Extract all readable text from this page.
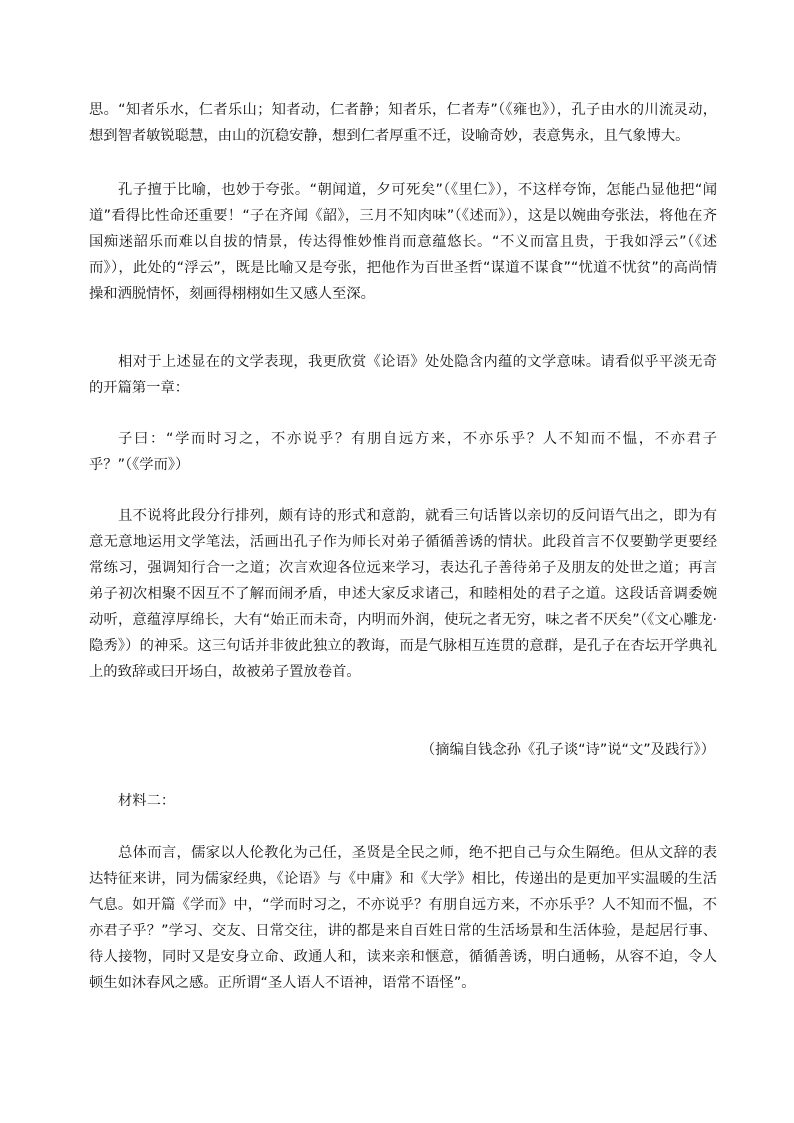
思。“知者乐水，仁者乐山；知者动，仁者静；知者乐，仁者寿”（《雍也》），孔子由水的川流灵动，想到智者敏锐聪慧，由山的沉稳安静，想到仁者厚重不迁，设喻奇妙，表意隽永，且气象博大。

孔子擅于比喻，也妙于夸张。“朝闻道，夕可死矣”（《里仁》），不这样夸饰，怎能凸显他把“闻道”看得比性命还重要！“子在齐闻《韶》，三月不知肉味”（《述而》），这是以婉曲夸张法，将他在齐国痴迷韶乐而难以自拔的情景，传达得惟妙惟肖而意蕴悠长。“不义而富且贵，于我如浮云”（《述而》），此处的“浮云”，既是比喻又是夸张，把他作为百世圣哲“谋道不谋食”“忧道不忧贫”的高尚情操和洒脱情怀，刻画得栩栩如生又感人至深。

相对于上述显在的文学表现，我更欣赏《论语》处处隐含内蕴的文学意味。请看似乎平淡无奇的开篇第一章：

子曰：“学而时习之，不亦说乎？有朋自远方来，不亦乐乎？人不知而不愠，不亦君子乎？”（《学而》）

且不说将此段分行排列，颇有诗的形式和意韵，就看三句话皆以亲切的反问语气出之，即为有意无意地运用文学笔法，活画出孔子作为师长对弟子循循善诱的情状。此段首言不仅要勤学更要经常练习，强调知行合一之道；次言欢迎各位远来学习，表达孔子善待弟子及朋友的处世之道；再言弟子初次相聚不因互不了解而闹矛盾，申述大家反求诸己，和睦相处的君子之道。这段话音调委婉动听，意蕴淳厚绵长，大有“始正而未奇，内明而外润，使玩之者无穷，味之者不厌矣”（《文心雕龙·隐秀》）的神采。这三句话并非彼此独立的教诲，而是气脉相互连贯的意群，是孔子在杏坛开学典礼上的致辞或曰开场白，故被弟子置放卷首。

（摘编自钱念孙《孔子谈“诗”说“文”及践行》）

材料二：

总体而言，儒家以人伦教化为己任，圣贤是全民之师，绝不把自己与众生隔绝。但从文辞的表达特征来讲，同为儒家经典，《论语》与《中庸》和《大学》相比，传递出的是更加平实温暖的生活气息。如开篇《学而》中，“学而时习之，不亦说乎？有朋自远方来，不亦乐乎？人不知而不愠，不亦君子乎？”学习、交友、日常交往，讲的都是来自百姓日常的生活场景和生活体验，是起居行事、待人接物，同时又是安身立命、政通人和，读来亲和惬意，循循善诱，明白通畅，从容不迫，令人顿生如沐春风之感。正所谓“圣人语人不语神，语常不语怪”。
